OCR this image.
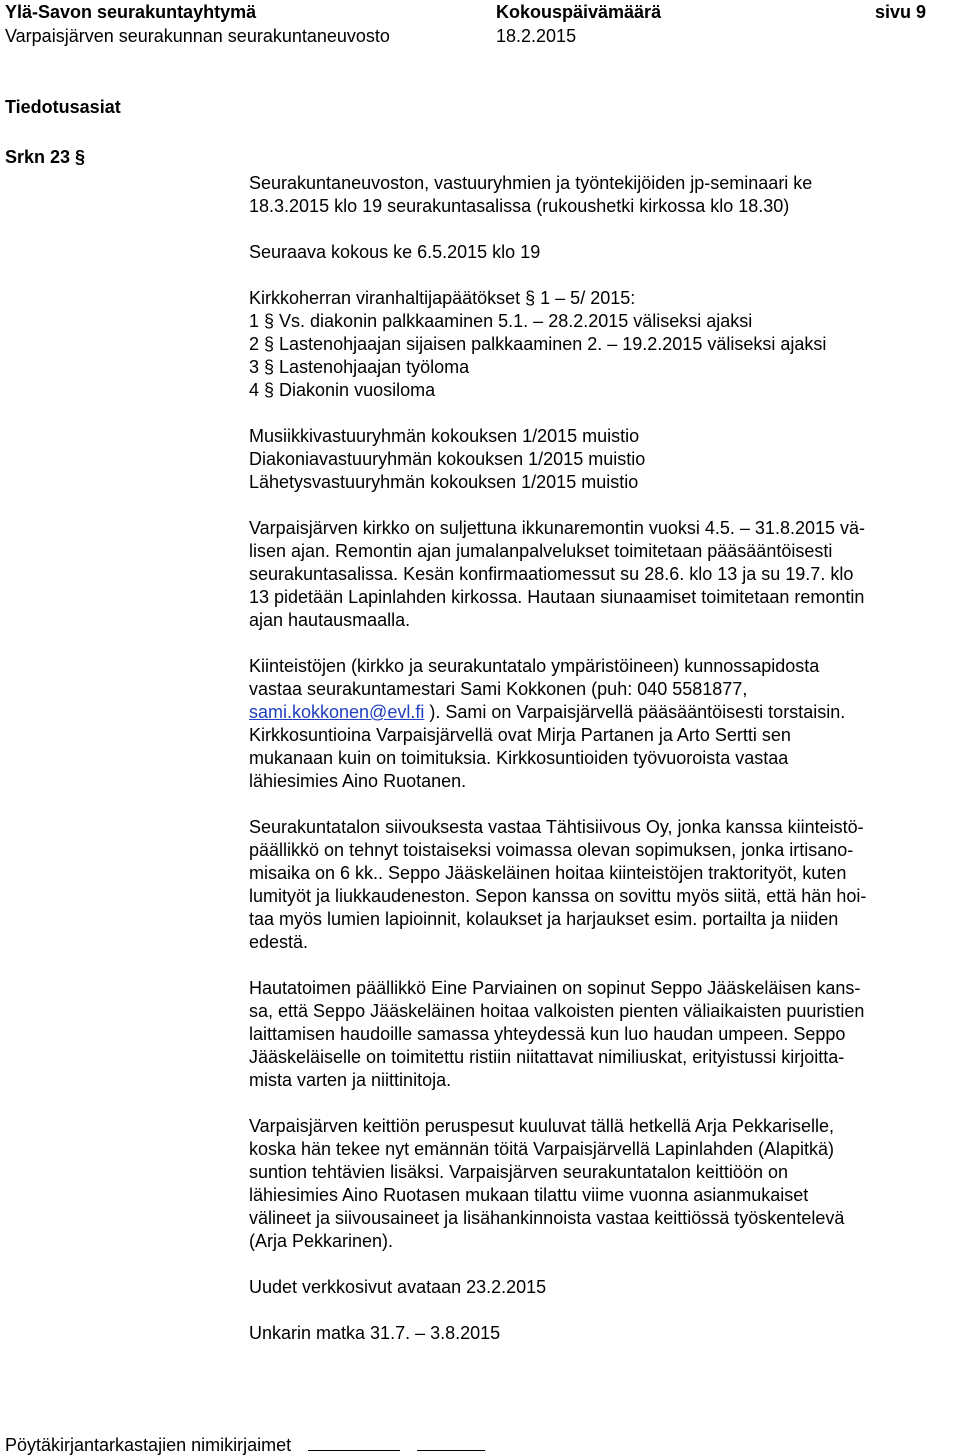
Ylä-Savon seurakuntayhtymä	Kokouspäivämäärä	sivu 9
Varpaisjärven seurakunnan seurakuntaneuvosto	18.2.2015
Tiedotusasiat
Srkn 23 §

Seurakuntaneuvoston, vastuuryhmien ja työntekijöiden jp-seminaari ke

18.3.2015 klo 19 seurakuntasalissa (rukoushetki kirkossa klo 18.30)

Seuraava kokous ke 6.5.2015 klo 19

Kirkkoherran viranhaltijapäätökset § 1 – 5/ 2015:

1 § Vs. diakonin palkkaaminen 5.1. – 28.2.2015 väliseksi ajaksi

2 § Lastenohjaajan sijaisen palkkaaminen 2. – 19.2.2015 väliseksi ajaksi

3 § Lastenohjaajan työloma

4 § Diakonin vuosiloma

Musiikkivastuuryhmän kokouksen 1/2015 muistio

Diakoniavastuuryhmän kokouksen 1/2015 muistio

Lähetysvastuuryhmän kokouksen 1/2015 muistio

Varpaisjärven kirkko on suljettuna ikkunaremontin vuoksi 4.5. – 31.8.2015 vä-

lisen ajan. Remontin ajan jumalanpalvelukset toimitetaan pääsääntöisesti

seurakuntasalissa. Kesän konfirmaatiomessut su 28.6. klo 13 ja su 19.7. klo

13 pidetään Lapinlahden kirkossa. Hautaan siunaamiset toimitetaan remontin

ajan hautausmaalla.

Kiinteistöjen (kirkko ja seurakuntatalo ympäristöineen) kunnossapidosta

vastaa seurakuntamestari Sami Kokkonen (puh: 040 5581877,

sami.kokkonen@evl.fi ). Sami on Varpaisjärvellä pääsääntöisesti torstaisin.

Kirkkosuntioina Varpaisjärvellä ovat Mirja Partanen ja Arto Sertti sen

mukanaan kuin on toimituksia. Kirkkosuntioiden työvuoroista vastaa

lähiesimies Aino Ruotanen.

Seurakuntatalon siivouksesta vastaa Tähtisiivous Oy, jonka kanssa kiinteistö-

päällikkö on tehnyt toistaiseksi voimassa olevan sopimuksen, jonka irtisano-

misaika on 6 kk.. Seppo Jääskeläinen hoitaa kiinteistöjen traktorityöt, kuten

lumityöt ja liukkaudeneston. Sepon kanssa on sovittu myös siitä, että hän hoi-

taa myös lumien lapioinnit, kolaukset ja harjaukset esim. portailta ja niiden

edestä.

Hautatoimen päällikkö Eine Parviainen on sopinut Seppo Jääskeläisen kans-

sa, että Seppo Jääskeläinen hoitaa valkoisten pienten väliaikaisten puuristien

laittamisen haudoille samassa yhteydessä kun luo haudan umpeen. Seppo

Jääskeläiselle on toimitettu ristiin niitattavat nimiliuskat, erityistussi kirjoitta-

mista varten ja niittinitoja.

Varpaisjärven keittiön peruspesut kuuluvat tällä hetkellä Arja Pekkariselle,

koska hän tekee nyt emännän töitä Varpaisjärvellä Lapinlahden (Alapitkä)

suntion tehtävien lisäksi. Varpaisjärven seurakuntatalon keittiöön on

lähiesimies Aino Ruotasen mukaan tilattu viime vuonna asianmukaiset

välineet ja siivousaineet ja lisähankinnoista vastaa keittiössä työskentelevä

(Arja Pekkarinen).

Uudet verkkosivut avataan 23.2.2015

Unkarin matka 31.7. – 3.8.2015

Pöytäkirjantarkastajien nimikirjaimet
